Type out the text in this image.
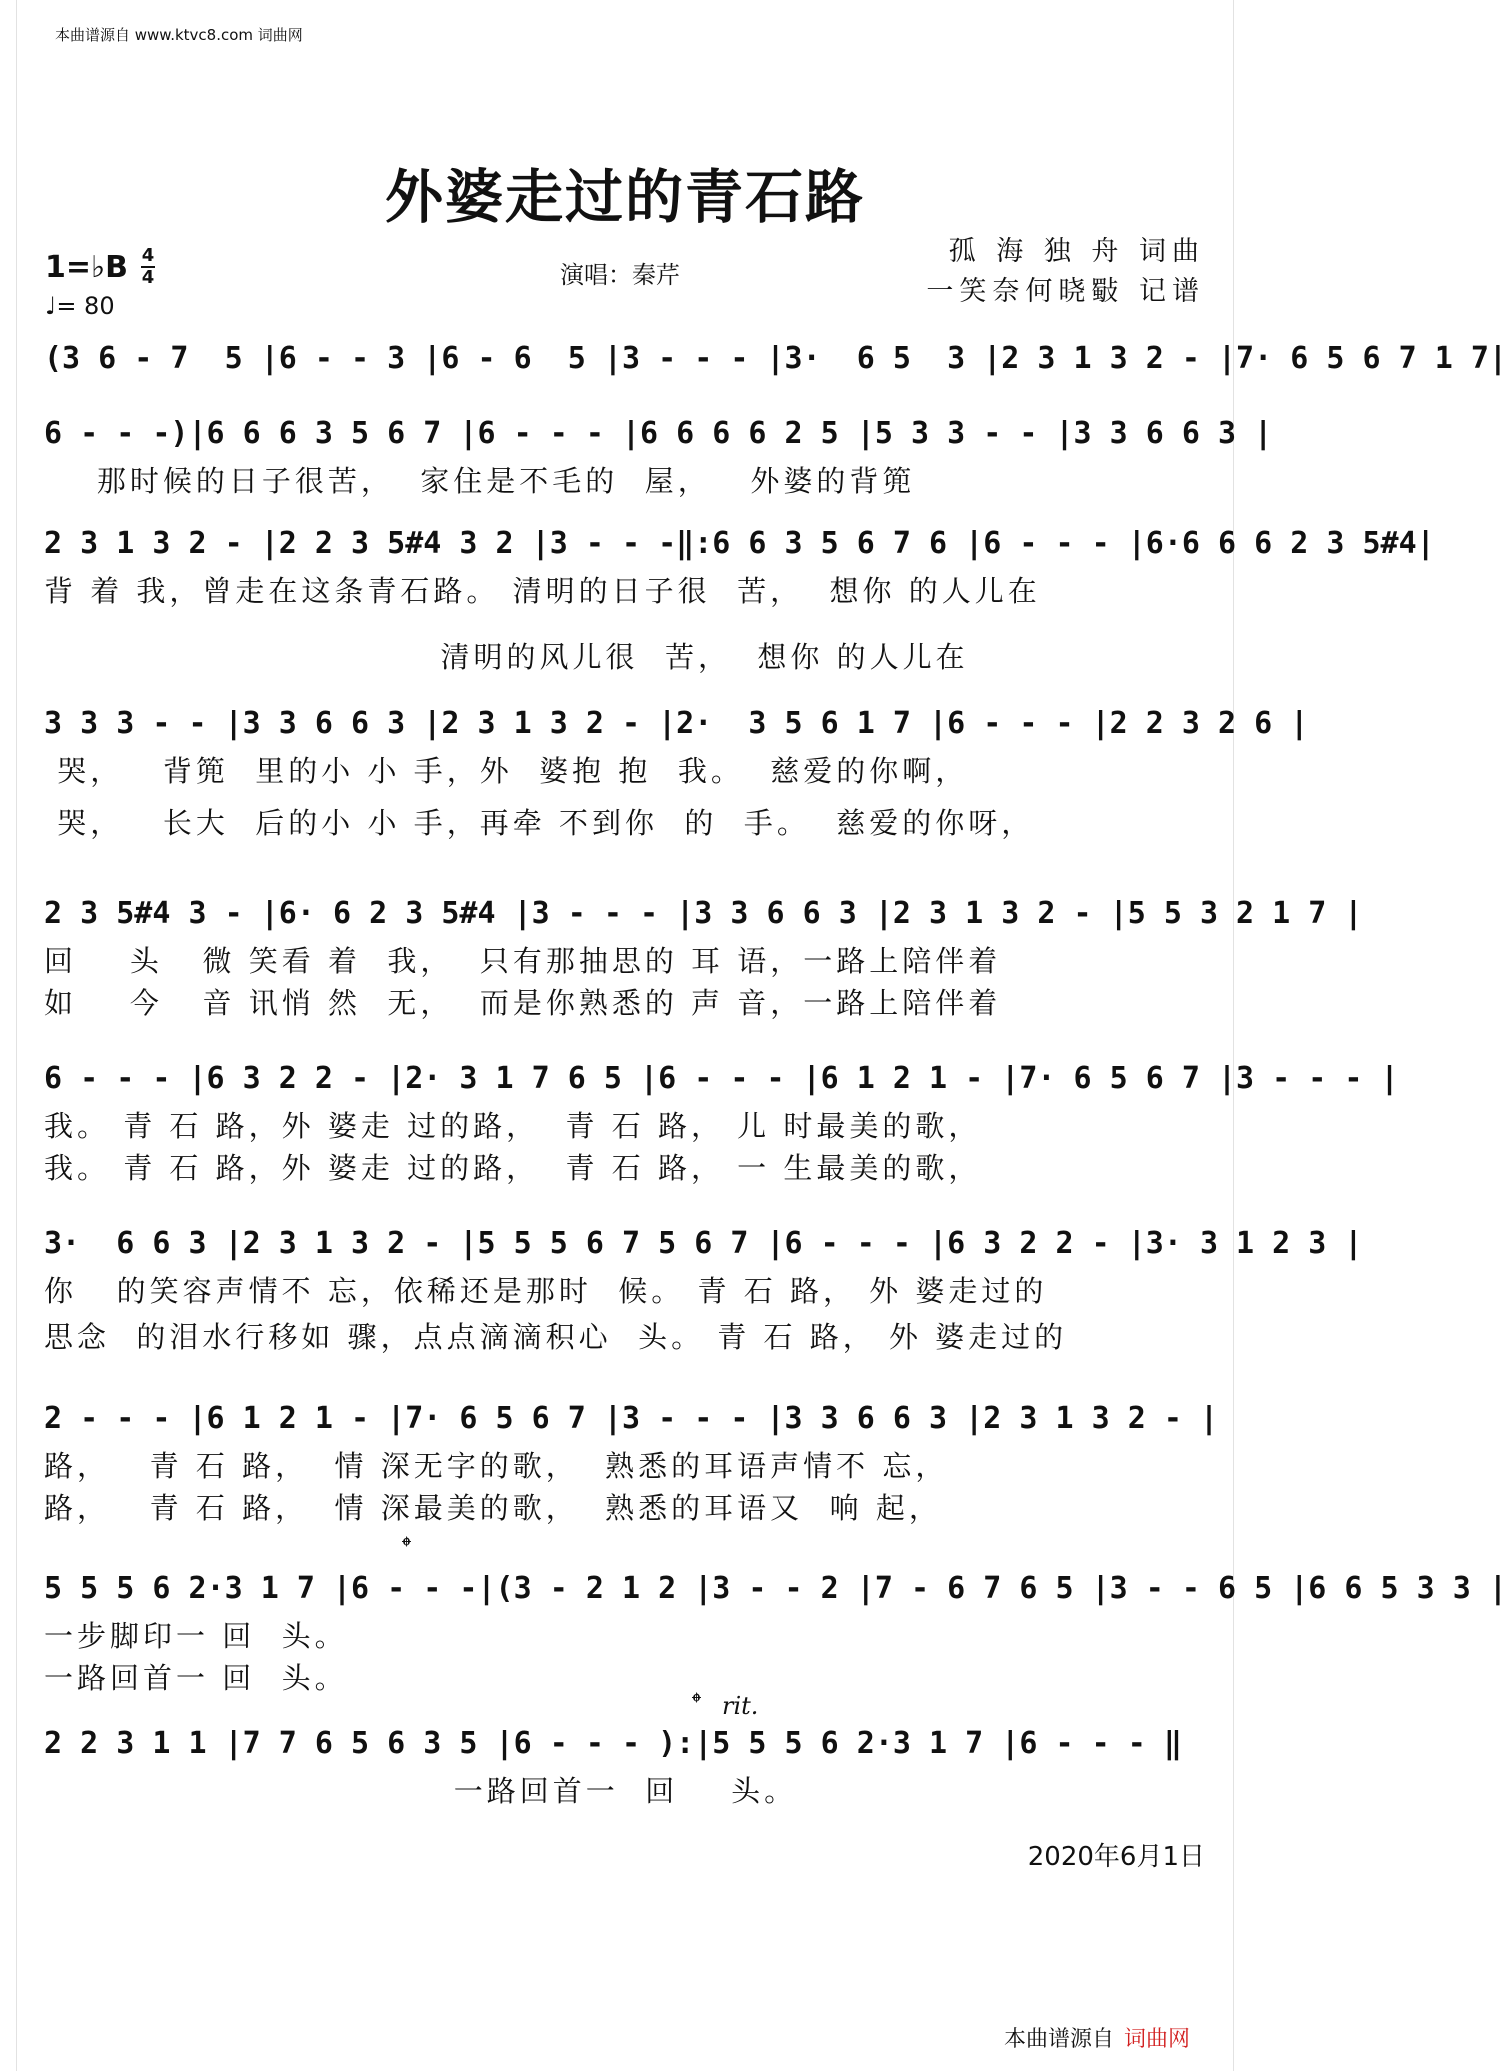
本曲谱源自 www.ktvc8.com 词曲网
外婆走过的青石路
1=♭B 4
4
♩= 80
演唱：秦芹
孤 海 独 舟 词曲
一笑奈何晓斀 记谱
(3 6 - 7  5 |6 - - 3 |6 - 6  5 |3 - - - |3·  6 5  3 |2 3 1 3 2 - |7· 6 5 6 7 1 7|
6 - - -)|6 6 6 3 5 6 7 |6 - - - |6 6 6 6 2 5 |5 3 3 - - |3 3 6 6 3 |
那时候的日子很苦，  家住是不毛的  屋，   外婆的背篼
2 3 1 3 2 - |2 2 3 5#4 3 2 |3 - - -‖:6 6 3 5 6 7 6 |6 - - - |6·6 6 6 2 3 5#4|
背 着 我，曾走在这条青石路。 清明的日子很  苦，  想你 的人儿在
清明的风儿很  苦，  想你 的人儿在
3 3 3 - - |3 3 6 6 3 |2 3 1 3 2 - |2·  3 5 6 1 7 |6 - - - |2 2 3 2 6 |
哭，   背篼  里的小 小 手，外  婆抱 抱  我。  慈爱的你啊，
哭，   长大  后的小 小 手，再牵 不到你  的  手。  慈爱的你呀，
2 3 5#4 3 - |6· 6 2 3 5#4 |3 - - - |3 3 6 6 3 |2 3 1 3 2 - |5 5 3 2 1 7 |
回    头   微 笑看 着  我，  只有那抽思的 耳 语，一路上陪伴着
如    今   音 讯悄 然  无，  而是你熟悉的 声 音，一路上陪伴着
6 - - - |6 3 2 2 - |2· 3 1 7 6 5 |6 - - - |6 1 2 1 - |7· 6 5 6 7 |3 - - - |
我。 青 石 路，外 婆走 过的路，  青 石 路， 儿 时最美的歌，
我。 青 石 路，外 婆走 过的路，  青 石 路， 一 生最美的歌，
3·  6 6 3 |2 3 1 3 2 - |5 5 5 6 7 5 6 7 |6 - - - |6 3 2 2 - |3· 3 1 2 3 |
你   的笑容声情不 忘，依稀还是那时  候。 青 石 路， 外 婆走过的
思念  的泪水行移如 骤，点点滴滴积心  头。 青 石 路， 外 婆走过的
2 - - - |6 1 2 1 - |7· 6 5 6 7 |3 - - - |3 3 6 6 3 |2 3 1 3 2 - |
路，   青 石 路，  情 深无字的歌，  熟悉的耳语声情不 忘，
路，   青 石 路，  情 深最美的歌，  熟悉的耳语又  响 起，
𝄌
5 5 5 6 2·3 1 7 |6 - - -|(3 - 2 1 2 |3 - - 2 |7 - 6 7 6 5 |3 - - 6 5 |6 6 5 3 3 |
一步脚印一 回  头。
一路回首一 回  头。
𝄌 rit.
2 2 3 1 1 |7 7 6 5 6 3 5 |6 - - - ):|5 5 5 6 2·3 1 7 |6 - - - ‖
一路回首一  回    头。
2020年6月1日
本曲谱源自 词曲网
